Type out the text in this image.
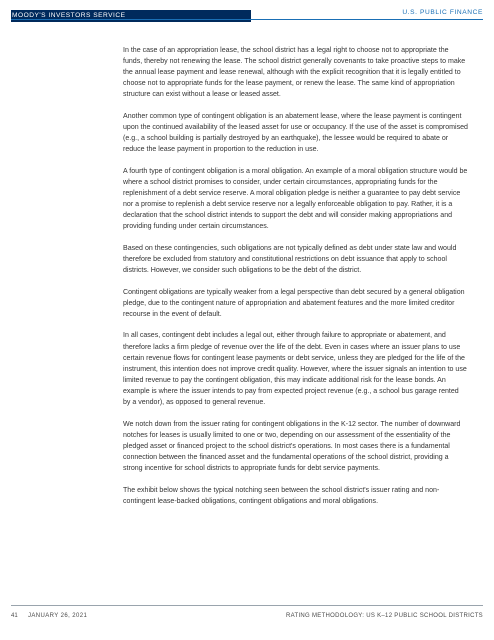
MOODY'S INVESTORS SERVICE	U.S. PUBLIC FINANCE

In the case of an appropriation lease, the school district has a legal right to choose not to appropriate the funds, thereby not renewing the lease. The school district generally covenants to take proactive steps to make the annual lease payment and lease renewal, although with the explicit recognition that it is legally entitled to choose not to appropriate funds for the lease payment, or renew the lease. The same kind of appropriation structure can exist without a lease or leased asset.

Another common type of contingent obligation is an abatement lease, where the lease payment is contingent upon the continued availability of the leased asset for use or occupancy. If the use of the asset is compromised (e.g., a school building is partially destroyed by an earthquake), the lessee would be required to abate or reduce the lease payment in proportion to the reduction in use.

A fourth type of contingent obligation is a moral obligation. An example of a moral obligation structure would be where a school district promises to consider, under certain circumstances, appropriating funds for the replenishment of a debt service reserve. A moral obligation pledge is neither a guarantee to pay debt service nor a promise to replenish a debt service reserve nor a legally enforceable obligation to pay. Rather, it is a declaration that the school district intends to support the debt and will consider making appropriations and providing funding under certain circumstances.

Based on these contingencies, such obligations are not typically defined as debt under state law and would therefore be excluded from statutory and constitutional restrictions on debt issuance that apply to school districts. However, we consider such obligations to be the debt of the district.

Contingent obligations are typically weaker from a legal perspective than debt secured by a general obligation pledge, due to the contingent nature of appropriation and abatement features and the more limited creditor recourse in the event of default.

In all cases, contingent debt includes a legal out, either through failure to appropriate or abatement, and therefore lacks a firm pledge of revenue over the life of the debt. Even in cases where an issuer plans to use certain revenue flows for contingent lease payments or debt service, unless they are pledged for the life of the instrument, this intention does not improve credit quality. However, where the issuer signals an intention to use limited revenue to pay the contingent obligation, this may indicate additional risk for the lease bonds. An example is where the issuer intends to pay from expected project revenue (e.g., a school bus garage rented by a vendor), as opposed to general revenue.

We notch down from the issuer rating for contingent obligations in the K-12 sector. The number of downward notches for leases is usually limited to one or two, depending on our assessment of the essentiality of the pledged asset or financed project to the school district's operations. In most cases there is a fundamental connection between the financed asset and the fundamental operations of the school district, providing a strong incentive for school districts to appropriate funds for debt service payments.

The exhibit below shows the typical notching seen between the school district's issuer rating and non-contingent lease-backed obligations, contingent obligations and moral obligations.

41 JANUARY 26, 2021	RATING METHODOLOGY: US K–12 PUBLIC SCHOOL DISTRICTS
